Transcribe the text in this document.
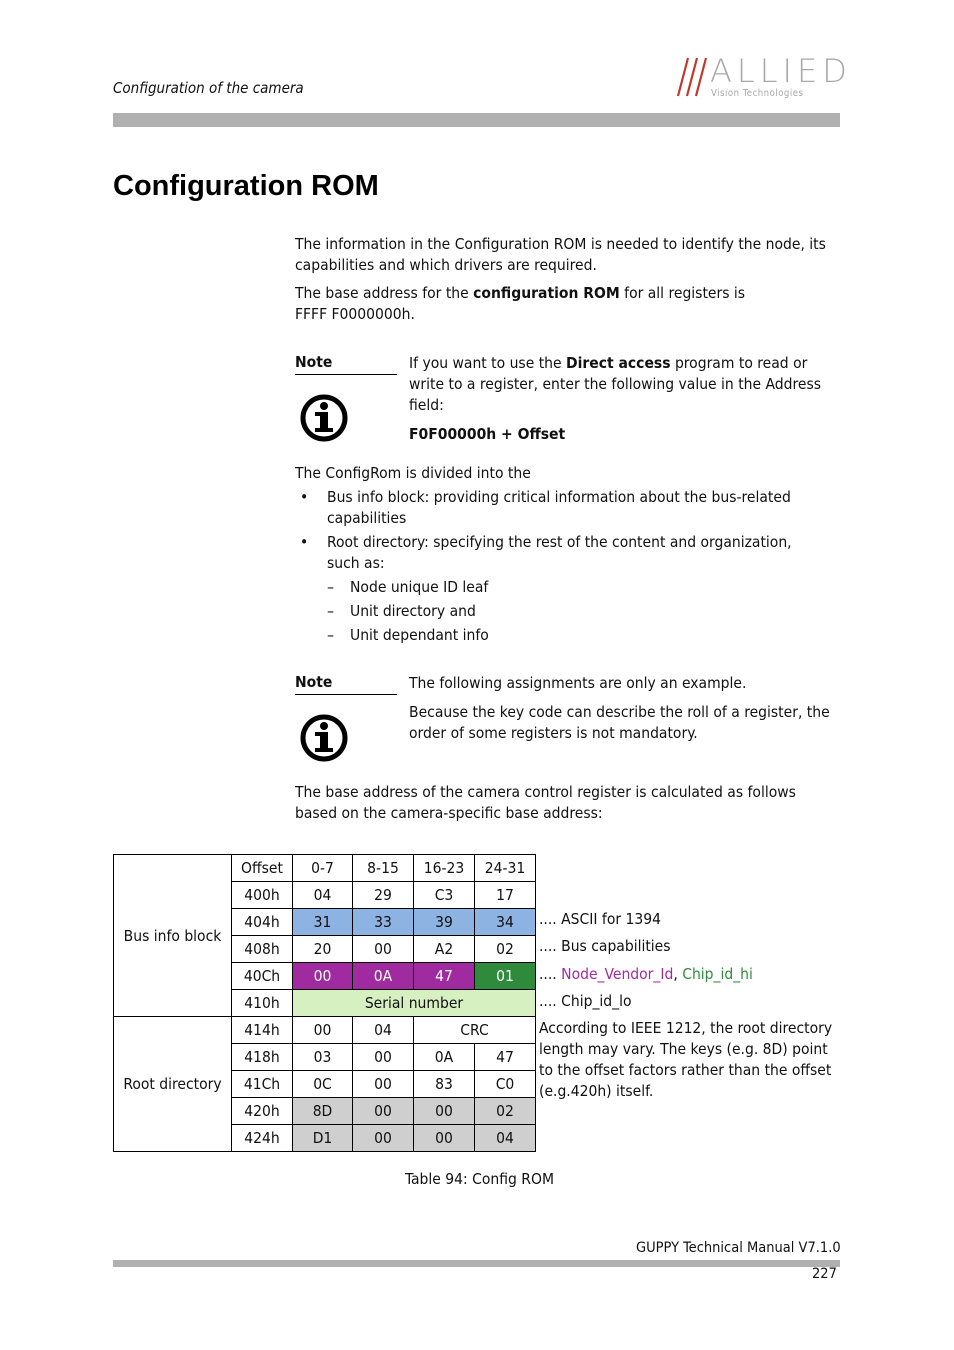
Configuration of the camera	ALLIED
Vision Technologies
Configuration ROM

The information in the Configuration ROM is needed to identify the node, its capabilities and which drivers are required.

The base address for the configuration ROM for all registers is
FFFF F0000000h.

Note	If you want to use the Direct access program to read or write to a register, enter the following value in the Address field:
F0F00000h + Offset
The ConfigRom is divided into the
• Bus info block: providing critical information about the bus-related capabilities
• Root directory: specifying the rest of the content and organization, such as:
– Node unique ID leaf
– Unit directory and
– Unit dependant info
Note	The following assignments are only an example.
Because the key code can describe the roll of a register, the order of some registers is not mandatory.
The base address of the camera control register is calculated as follows based on the camera-specific base address:
Bus info block	Offset	0-7	8-15	16-23	24-31
	400h	04	29	C3	17
	404h	31	33	39	34
	408h	20	00	A2	02
	40Ch	00	0A	47	01
	410h	Serial number			
Root directory	414h	00	04	CRC	
	418h	03	00	0A	47
	41Ch	0C	00	83	C0
	420h	8D	00	00	02
	424h	D1	00	00	04
.... ASCII for 1394
.... Bus capabilities
.... Node_Vendor_Id, Chip_id_hi
.... Chip_id_lo
According to IEEE 1212, the root directory length may vary. The keys (e.g. 8D) point to the offset factors rather than the offset (e.g.420h) itself.
Table 94: Config ROM
GUPPY Technical Manual V7.1.0
227
